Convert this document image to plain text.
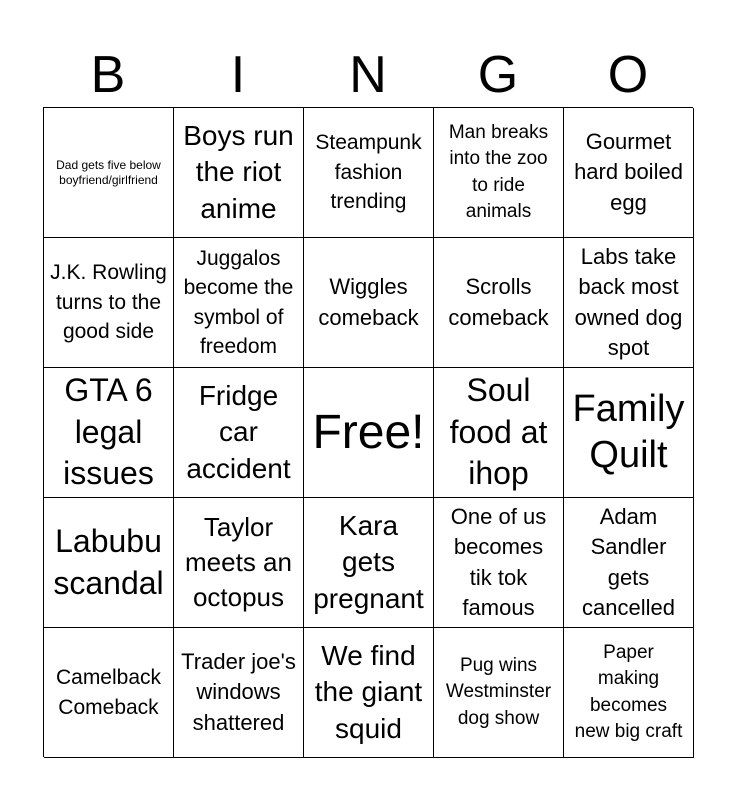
B	I	N	G	O
Dad gets five below boyfriend/girlfriend
Boys run the riot anime
Steampunk fashion trending
Man breaks into the zoo to ride animals
Gourmet hard boiled egg
J.K. Rowling turns to the good side
Juggalos become the symbol of freedom
Wiggles comeback
Scrolls comeback
Labs take back most owned dog spot
GTA 6 legal issues
Fridge car accident
Free!
Soul food at ihop
Family Quilt
Labubu scandal
Taylor meets an octopus
Kara gets pregnant
One of us becomes tik tok famous
Adam Sandler gets cancelled
Camelback Comeback
Trader joe's windows shattered
We find the giant squid
Pug wins Westminster dog show
Paper making becomes new big craft
